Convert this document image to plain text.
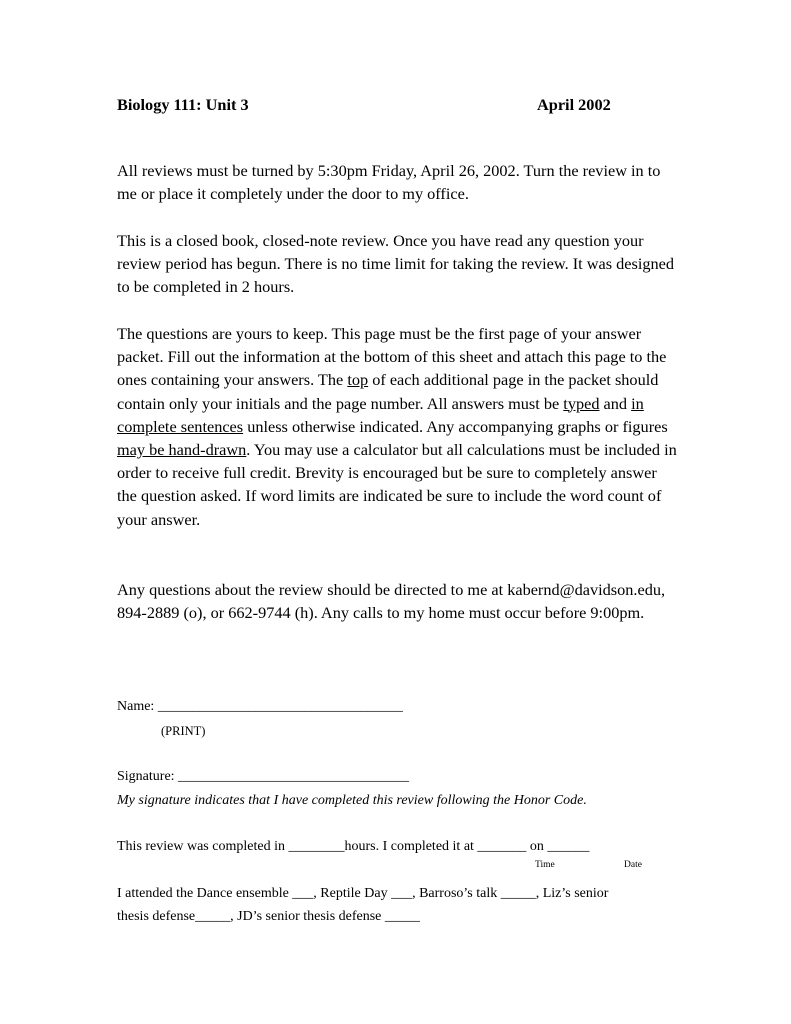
Biology 111: Unit 3	April 2002

All reviews must be turned by 5:30pm Friday, April 26, 2002. Turn the review in to me or place it completely under the door to my office.

This is a closed book, closed-note review. Once you have read any question your review period has begun. There is no time limit for taking the review. It was designed to be completed in 2 hours.

The questions are yours to keep. This page must be the first page of your answer packet. Fill out the information at the bottom of this sheet and attach this page to the ones containing your answers. The top of each additional page in the packet should contain only your initials and the page number. All answers must be typed and in complete sentences unless otherwise indicated. Any accompanying graphs or figures may be hand-drawn. You may use a calculator but all calculations must be included in order to receive full credit. Brevity is encouraged but be sure to completely answer the question asked. If word limits are indicated be sure to include the word count of your answer.

Any questions about the review should be directed to me at kabernd@davidson.edu, 894-2889 (o), or 662-9744 (h). Any calls to my home must occur before 9:00pm.

Name: ___________________________________
(PRINT)
Signature: _________________________________
My signature indicates that I have completed this review following the Honor Code.
This review was completed in ________hours. I completed it at _______ on ______
Time	Date
I attended the Dance ensemble ___, Reptile Day ___, Barroso’s talk _____, Liz’s senior
thesis defense_____, JD’s senior thesis defense _____
